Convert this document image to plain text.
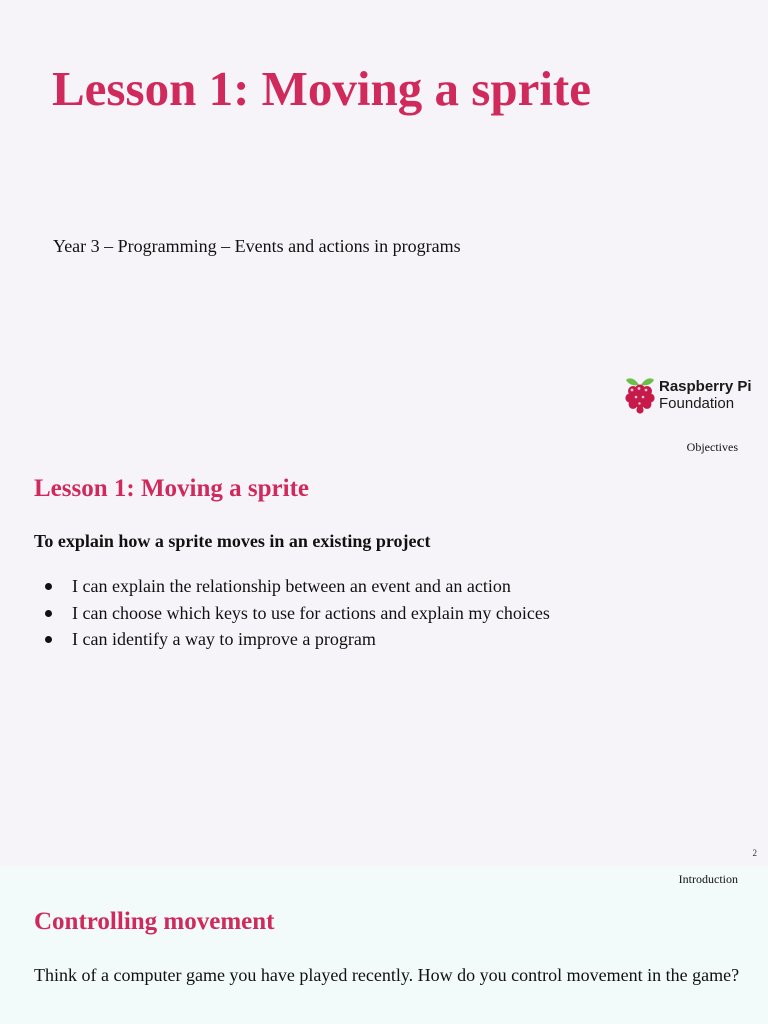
Lesson 1: Moving a sprite
Year 3 – Programming – Events and actions in programs
Raspberry Pi
Foundation
Objectives
Lesson 1: Moving a sprite
To explain how a sprite moves in an existing project
I can explain the relationship between an event and an action
I can choose which keys to use for actions and explain my choices
I can identify a way to improve a program
2
Introduction
Controlling movement
Think of a computer game you have played recently. How do you control movement in the game?
